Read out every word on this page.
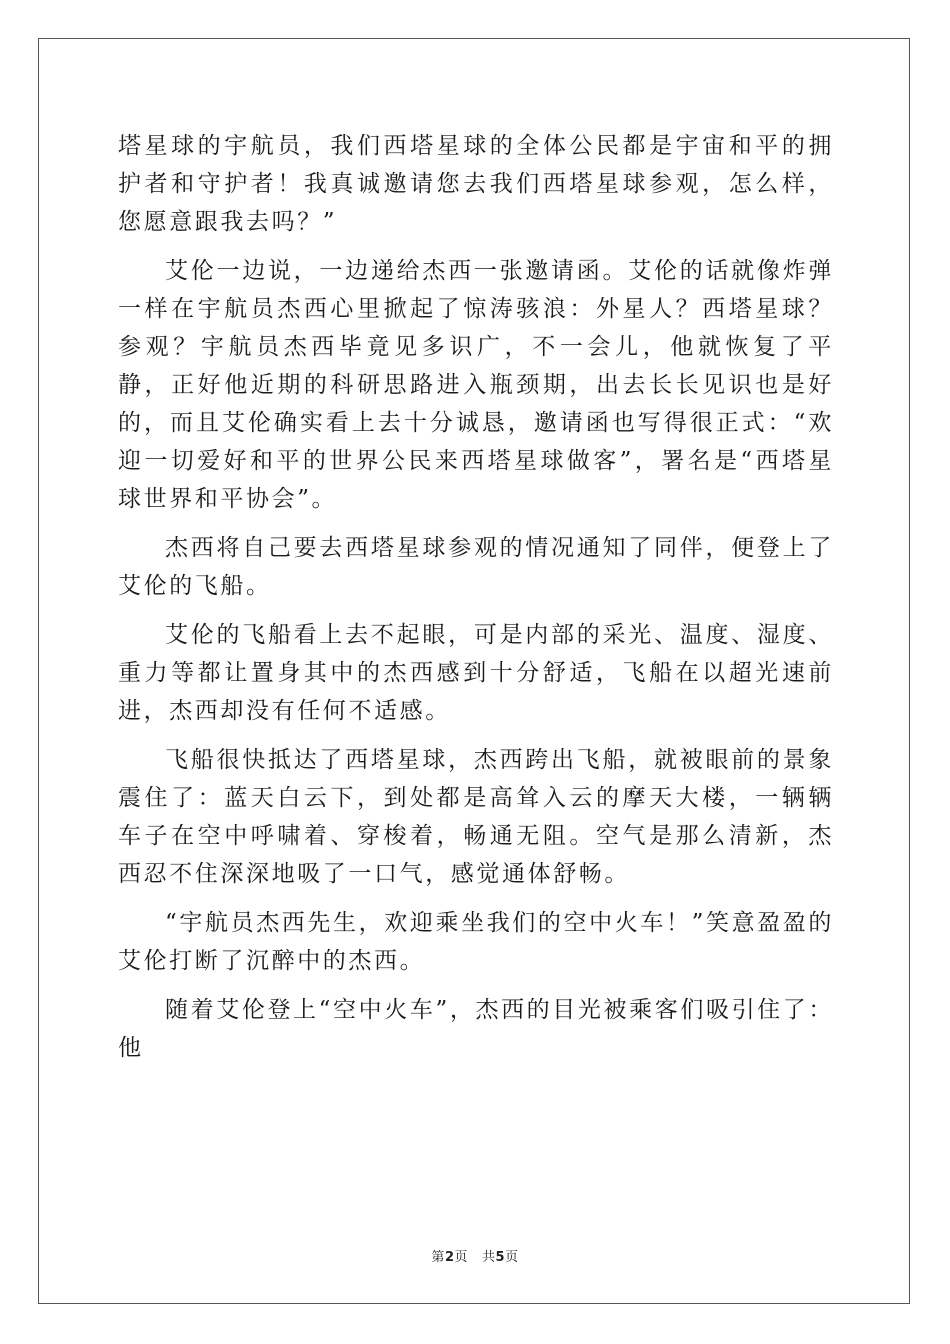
塔星球的宇航员，我们西塔星球的全体公民都是宇宙和平的拥护者和守护者！我真诚邀请您去我们西塔星球参观，怎么样，您愿意跟我去吗？”

艾伦一边说，一边递给杰西一张邀请函。艾伦的话就像炸弹一样在宇航员杰西心里掀起了惊涛骇浪：外星人？西塔星球？参观？宇航员杰西毕竟见多识广，不一会儿，他就恢复了平静，正好他近期的科研思路进入瓶颈期，出去长长见识也是好的，而且艾伦确实看上去十分诚恳，邀请函也写得很正式：“欢迎一切爱好和平的世界公民来西塔星球做客”，署名是“西塔星球世界和平协会”。

杰西将自己要去西塔星球参观的情况通知了同伴，便登上了艾伦的飞船。

艾伦的飞船看上去不起眼，可是内部的采光、温度、湿度、重力等都让置身其中的杰西感到十分舒适，飞船在以超光速前进，杰西却没有任何不适感。

飞船很快抵达了西塔星球，杰西跨出飞船，就被眼前的景象震住了：蓝天白云下，到处都是高耸入云的摩天大楼，一辆辆车子在空中呼啸着、穿梭着，畅通无阻。空气是那么清新，杰西忍不住深深地吸了一口气，感觉通体舒畅。

“宇航员杰西先生，欢迎乘坐我们的空中火车！”笑意盈盈的艾伦打断了沉醉中的杰西。

随着艾伦登上“空中火车”，杰西的目光被乘客们吸引住了：他

第2页 共5页
